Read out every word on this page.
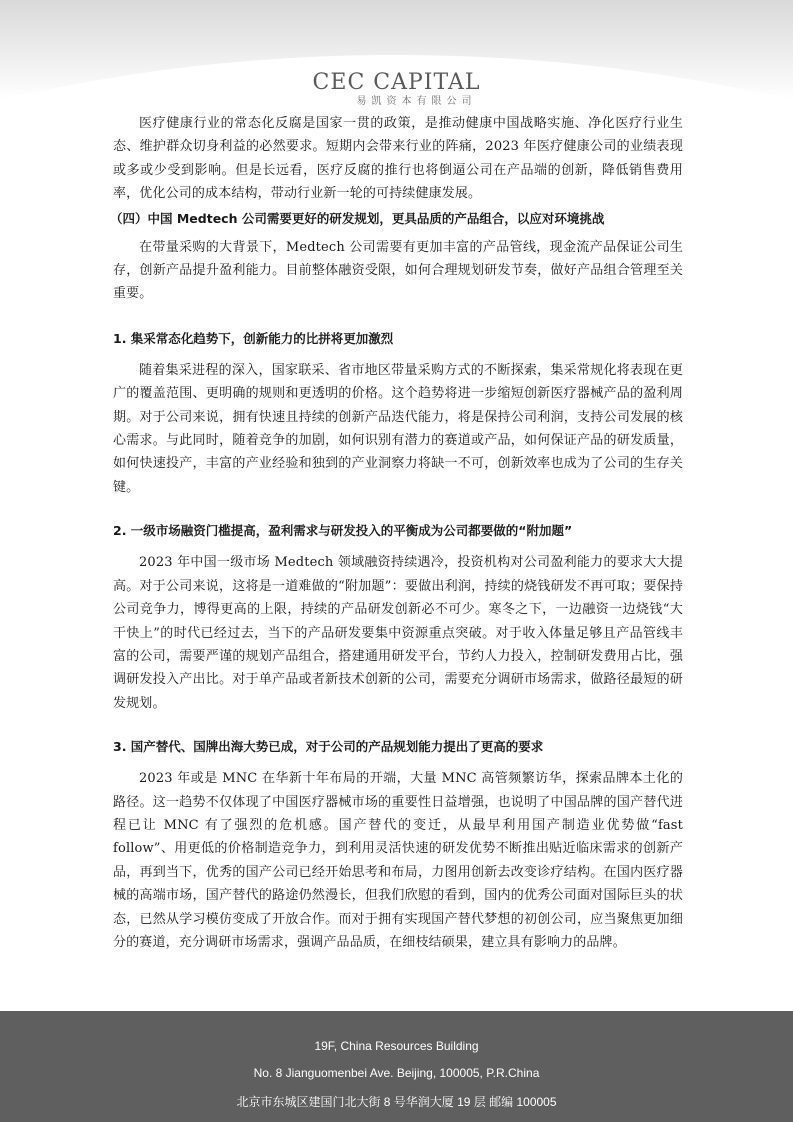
CEC CAPITAL
易凯资本有限公司

医疗健康行业的常态化反腐是国家一贯的政策，是推动健康中国战略实施、净化医疗行业生态、维护群众切身利益的必然要求。短期内会带来行业的阵痛，2023 年医疗健康公司的业绩表现或多或少受到影响。但是长远看，医疗反腐的推行也将倒逼公司在产品端的创新，降低销售费用率，优化公司的成本结构，带动行业新一轮的可持续健康发展。

（四）中国 Medtech 公司需要更好的研发规划，更具品质的产品组合，以应对环境挑战

在带量采购的大背景下，Medtech 公司需要有更加丰富的产品管线，现金流产品保证公司生存，创新产品提升盈利能力。目前整体融资受限，如何合理规划研发节奏，做好产品组合管理至关重要。

1. 集采常态化趋势下，创新能力的比拼将更加激烈

随着集采进程的深入，国家联采、省市地区带量采购方式的不断探索，集采常规化将表现在更广的覆盖范围、更明确的规则和更透明的价格。这个趋势将进一步缩短创新医疗器械产品的盈利周期。对于公司来说，拥有快速且持续的创新产品迭代能力，将是保持公司利润，支持公司发展的核心需求。与此同时，随着竞争的加剧，如何识别有潜力的赛道或产品，如何保证产品的研发质量，如何快速投产，丰富的产业经验和独到的产业洞察力将缺一不可，创新效率也成为了公司的生存关键。

2. 一级市场融资门槛提高，盈利需求与研发投入的平衡成为公司都要做的“附加题”

2023 年中国一级市场 Medtech 领域融资持续遇冷，投资机构对公司盈利能力的要求大大提高。对于公司来说，这将是一道难做的“附加题”：要做出利润，持续的烧钱研发不再可取；要保持公司竞争力，博得更高的上限，持续的产品研发创新必不可少。寒冬之下，一边融资一边烧钱“大干快上”的时代已经过去，当下的产品研发要集中资源重点突破。对于收入体量足够且产品管线丰富的公司，需要严谨的规划产品组合，搭建通用研发平台，节约人力投入，控制研发费用占比，强调研发投入产出比。对于单产品或者新技术创新的公司，需要充分调研市场需求，做路径最短的研发规划。

3. 国产替代、国牌出海大势已成，对于公司的产品规划能力提出了更高的要求

2023 年或是 MNC 在华新十年布局的开端，大量 MNC 高管频繁访华，探索品牌本土化的路径。这一趋势不仅体现了中国医疗器械市场的重要性日益增强，也说明了中国品牌的国产替代进程已让 MNC 有了强烈的危机感。国产替代的变迁，从最早利用国产制造业优势做“fast follow”、用更低的价格制造竞争力，到利用灵活快速的研发优势不断推出贴近临床需求的创新产品，再到当下，优秀的国产公司已经开始思考和布局，力图用创新去改变诊疗结构。在国内医疗器械的高端市场，国产替代的路途仍然漫长，但我们欣慰的看到，国内的优秀公司面对国际巨头的状态，已然从学习模仿变成了开放合作。而对于拥有实现国产替代梦想的初创公司，应当聚焦更加细分的赛道，充分调研市场需求，强调产品品质，在细枝结硕果，建立具有影响力的品牌。

19F, China Resources Building
No. 8 Jianguomenbei Ave. Beijing, 100005, P.R.China
北京市东城区建国门北大街 8 号华润大厦 19 层 邮编 100005
